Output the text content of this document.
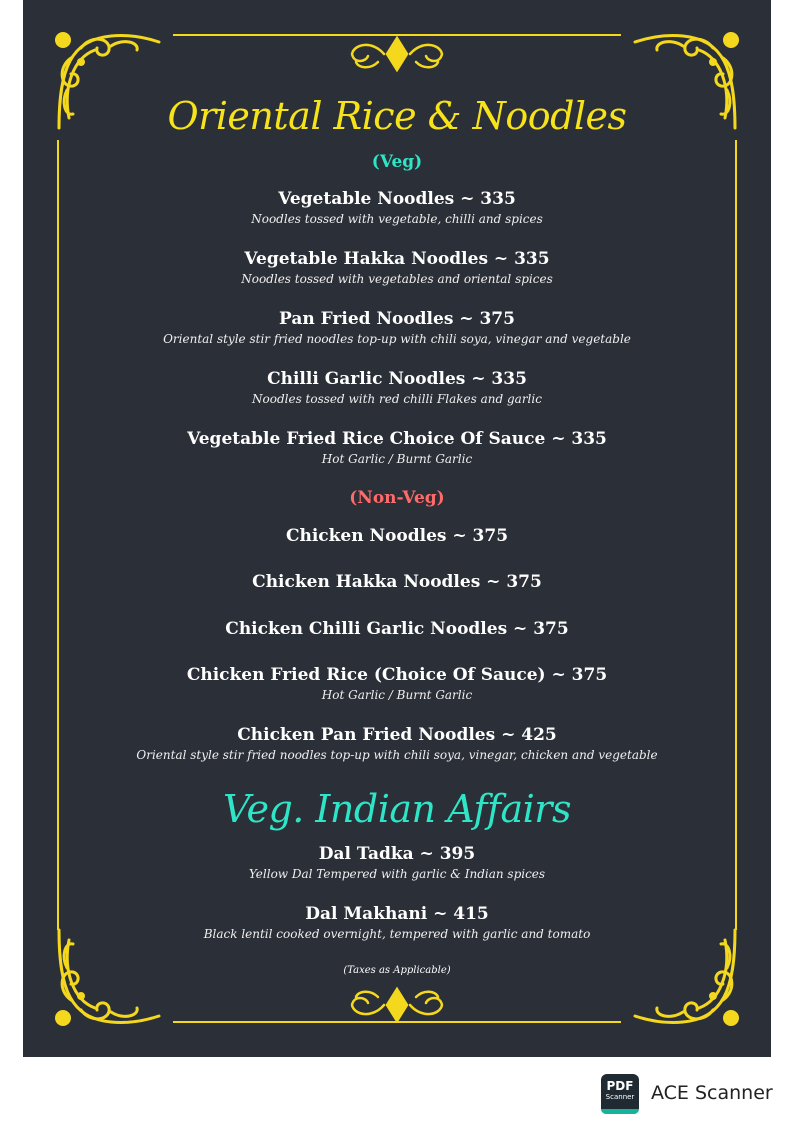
Oriental Rice & Noodles
(Veg)
Vegetable Noodles ~ 335
Noodles tossed with vegetable, chilli and spices
Vegetable Hakka Noodles ~ 335
Noodles tossed with vegetables and oriental spices
Pan Fried Noodles ~ 375
Oriental style stir fried noodles top-up with chili soya, vinegar and vegetable
Chilli Garlic Noodles ~ 335
Noodles tossed with red chilli Flakes and garlic
Vegetable Fried Rice Choice Of Sauce ~ 335
Hot Garlic / Burnt Garlic
(Non-Veg)
Chicken Noodles ~ 375
Chicken Hakka Noodles ~ 375
Chicken Chilli Garlic Noodles ~ 375
Chicken Fried Rice (Choice Of Sauce) ~ 375
Hot Garlic / Burnt Garlic
Chicken Pan Fried Noodles ~ 425
Oriental style stir fried noodles top-up with chili soya, vinegar, chicken and vegetable
Veg. Indian Affairs
Dal Tadka ~ 395
Yellow Dal Tempered with garlic & Indian spices
Dal Makhani ~ 415
Black lentil cooked overnight, tempered with garlic and tomato
(Taxes as Applicable)
PDF
Scanner ACE Scanner
